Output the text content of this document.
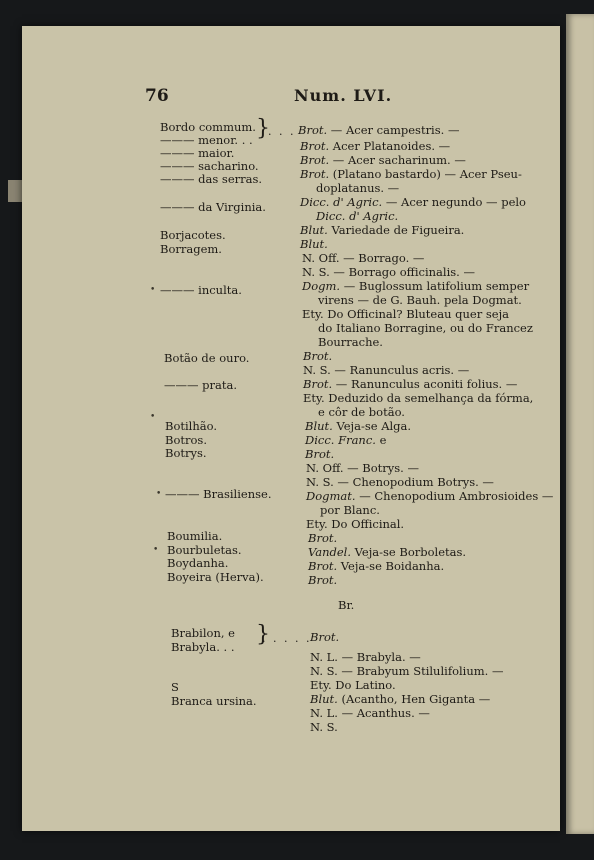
76	Num. LVI.
Bordo commum.
——— menor. . .
——— maior.
——— sacharino.
——— das serras.
——— da Virginia.
Borjacotes.
Borragem.
——— inculta.
Botão de ouro.
——— prata.
Botilhão.
Botros.
Botrys.
——— Brasiliense.
Boumilia.
Bourbuletas.
Boydanha.
Boyeira (Herva).
Brabilon, e
Brabyla. . .
S
Branca ursina.
}
. . .
}
. . . . .
•
•
•
•
Brot. — Acer campestris. —
Brot. Acer Platanoides. —
Brot. — Acer sacharinum. —
Brot. (Platano bastardo) — Acer Pseu-
doplatanus. —
Dicc. d' Agric. — Acer negundo — pelo
Dicc. d' Agric.
Blut. Variedade de Figueira.
Blut.
N. Off. — Borrago. —
N. S. — Borrago officinalis. —
Dogm. — Buglossum latifolium semper
virens — de G. Bauh. pela Dogmat.
Ety. Do Officinal? Bluteau quer seja
do Italiano Borragine, ou do Francez
Bourrache.
Brot.
N. S. — Ranunculus acris. —
Brot. — Ranunculus aconiti folius. —
Ety. Deduzido da semelhança da fórma,
e côr de botão.
Blut. Veja-se Alga.
Dicc. Franc. e
Brot.
N. Off. — Botrys. —
N. S. — Chenopodium Botrys. —
Dogmat. — Chenopodium Ambrosioides —
por Blanc.
Ety. Do Officinal.
Brot.
Vandel. Veja-se Borboletas.
Brot. Veja-se Boidanha.
Brot.
Br.
Brot.
N. L. — Brabyla. —
N. S. — Brabyum Stilulifolium. —
Ety. Do Latino.
Blut. (Acantho, Hen Giganta —
N. L. — Acanthus. —
N. S.
